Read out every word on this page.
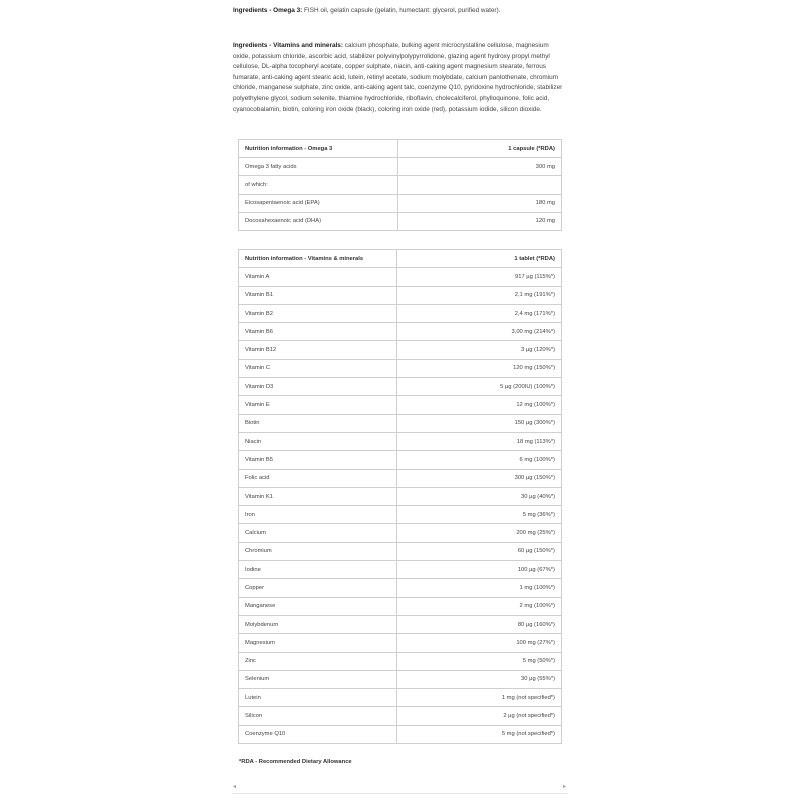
Ingredients - Omega 3: FISH oil, gelatin capsule (gelatin, humectant: glycerol, purified water).

Ingredients - Vitamins and minerals: calcium phosphate, bulking agent microcrystalline cellulose, magnesium oxide, potassium chloride, ascorbic acid, stabilizer polyvinylpolypyrrolidone, glazing agent hydroxy propyl methyl cellulose, DL-alpha tocopheryl acetate, copper sulphate, niacin, anti-caking agent magnesium stearate, ferrous fumarate, anti-caking agent stearic acid, lutein, retinyl acetate, sodium molybdate, calcium pantothenate, chromium chloride, manganese sulphate, zinc oxide, anti-caking agent talc, coenzyme Q10, pyridoxine hydrochloride, stabilizer polyethylene glycol, sodium selenite, thiamine hydrochloride, riboflavin, cholecalciferol, phylloquinone, folic acid, cyanocobalamin, biotin, coloring iron oxide (black), coloring iron oxide (red), potassium iodide, silicon dioxide.

Nutrition information - Omega 3	1 capsule (*RDA)
Omega 3 fatty acids	300 mg
of which:	
Eicosapentaenoic acid (EPA)	180 mg
Docosahexaenoic acid (DHA)	120 mg
Nutrition information - Vitamins & minerals	1 tablet (*RDA)
Vitamin A	917 µg (115%*)
Vitamin B1	2,1 mg (191%*)
Vitamin B2	2,4 mg (171%*)
Vitamin B6	3,00 mg (214%*)
Vitamin B12	3 µg (120%*)
Vitamin C	120 mg (150%*)
Vitamin D3	5 µg (200IU) (100%*)
Vitamin E	12 mg (100%*)
Biotin	150 µg (300%*)
Niacin	18 mg (113%*)
Vitamin B5	6 mg (100%*)
Folic acid	300 µg (150%*)
Vitamin K1	30 µg (40%*)
Iron	5 mg (36%*)
Calcium	200 mg (25%*)
Chromium	60 µg (150%*)
Iodine	100 µg (67%*)
Copper	1 mg (100%*)
Manganese	2 mg (100%*)
Molybdenum	80 µg (160%*)
Magnesium	100 mg (27%*)
Zinc	5 mg (50%*)
Selenium	30 µg (55%*)
Lutein	1 mg (not specified*)
Silicon	2 µg (not specified*)
Coenzyme Q10	5 mg (not specified*)
*RDA - Recommended Dietary Allowance
◂	▸
